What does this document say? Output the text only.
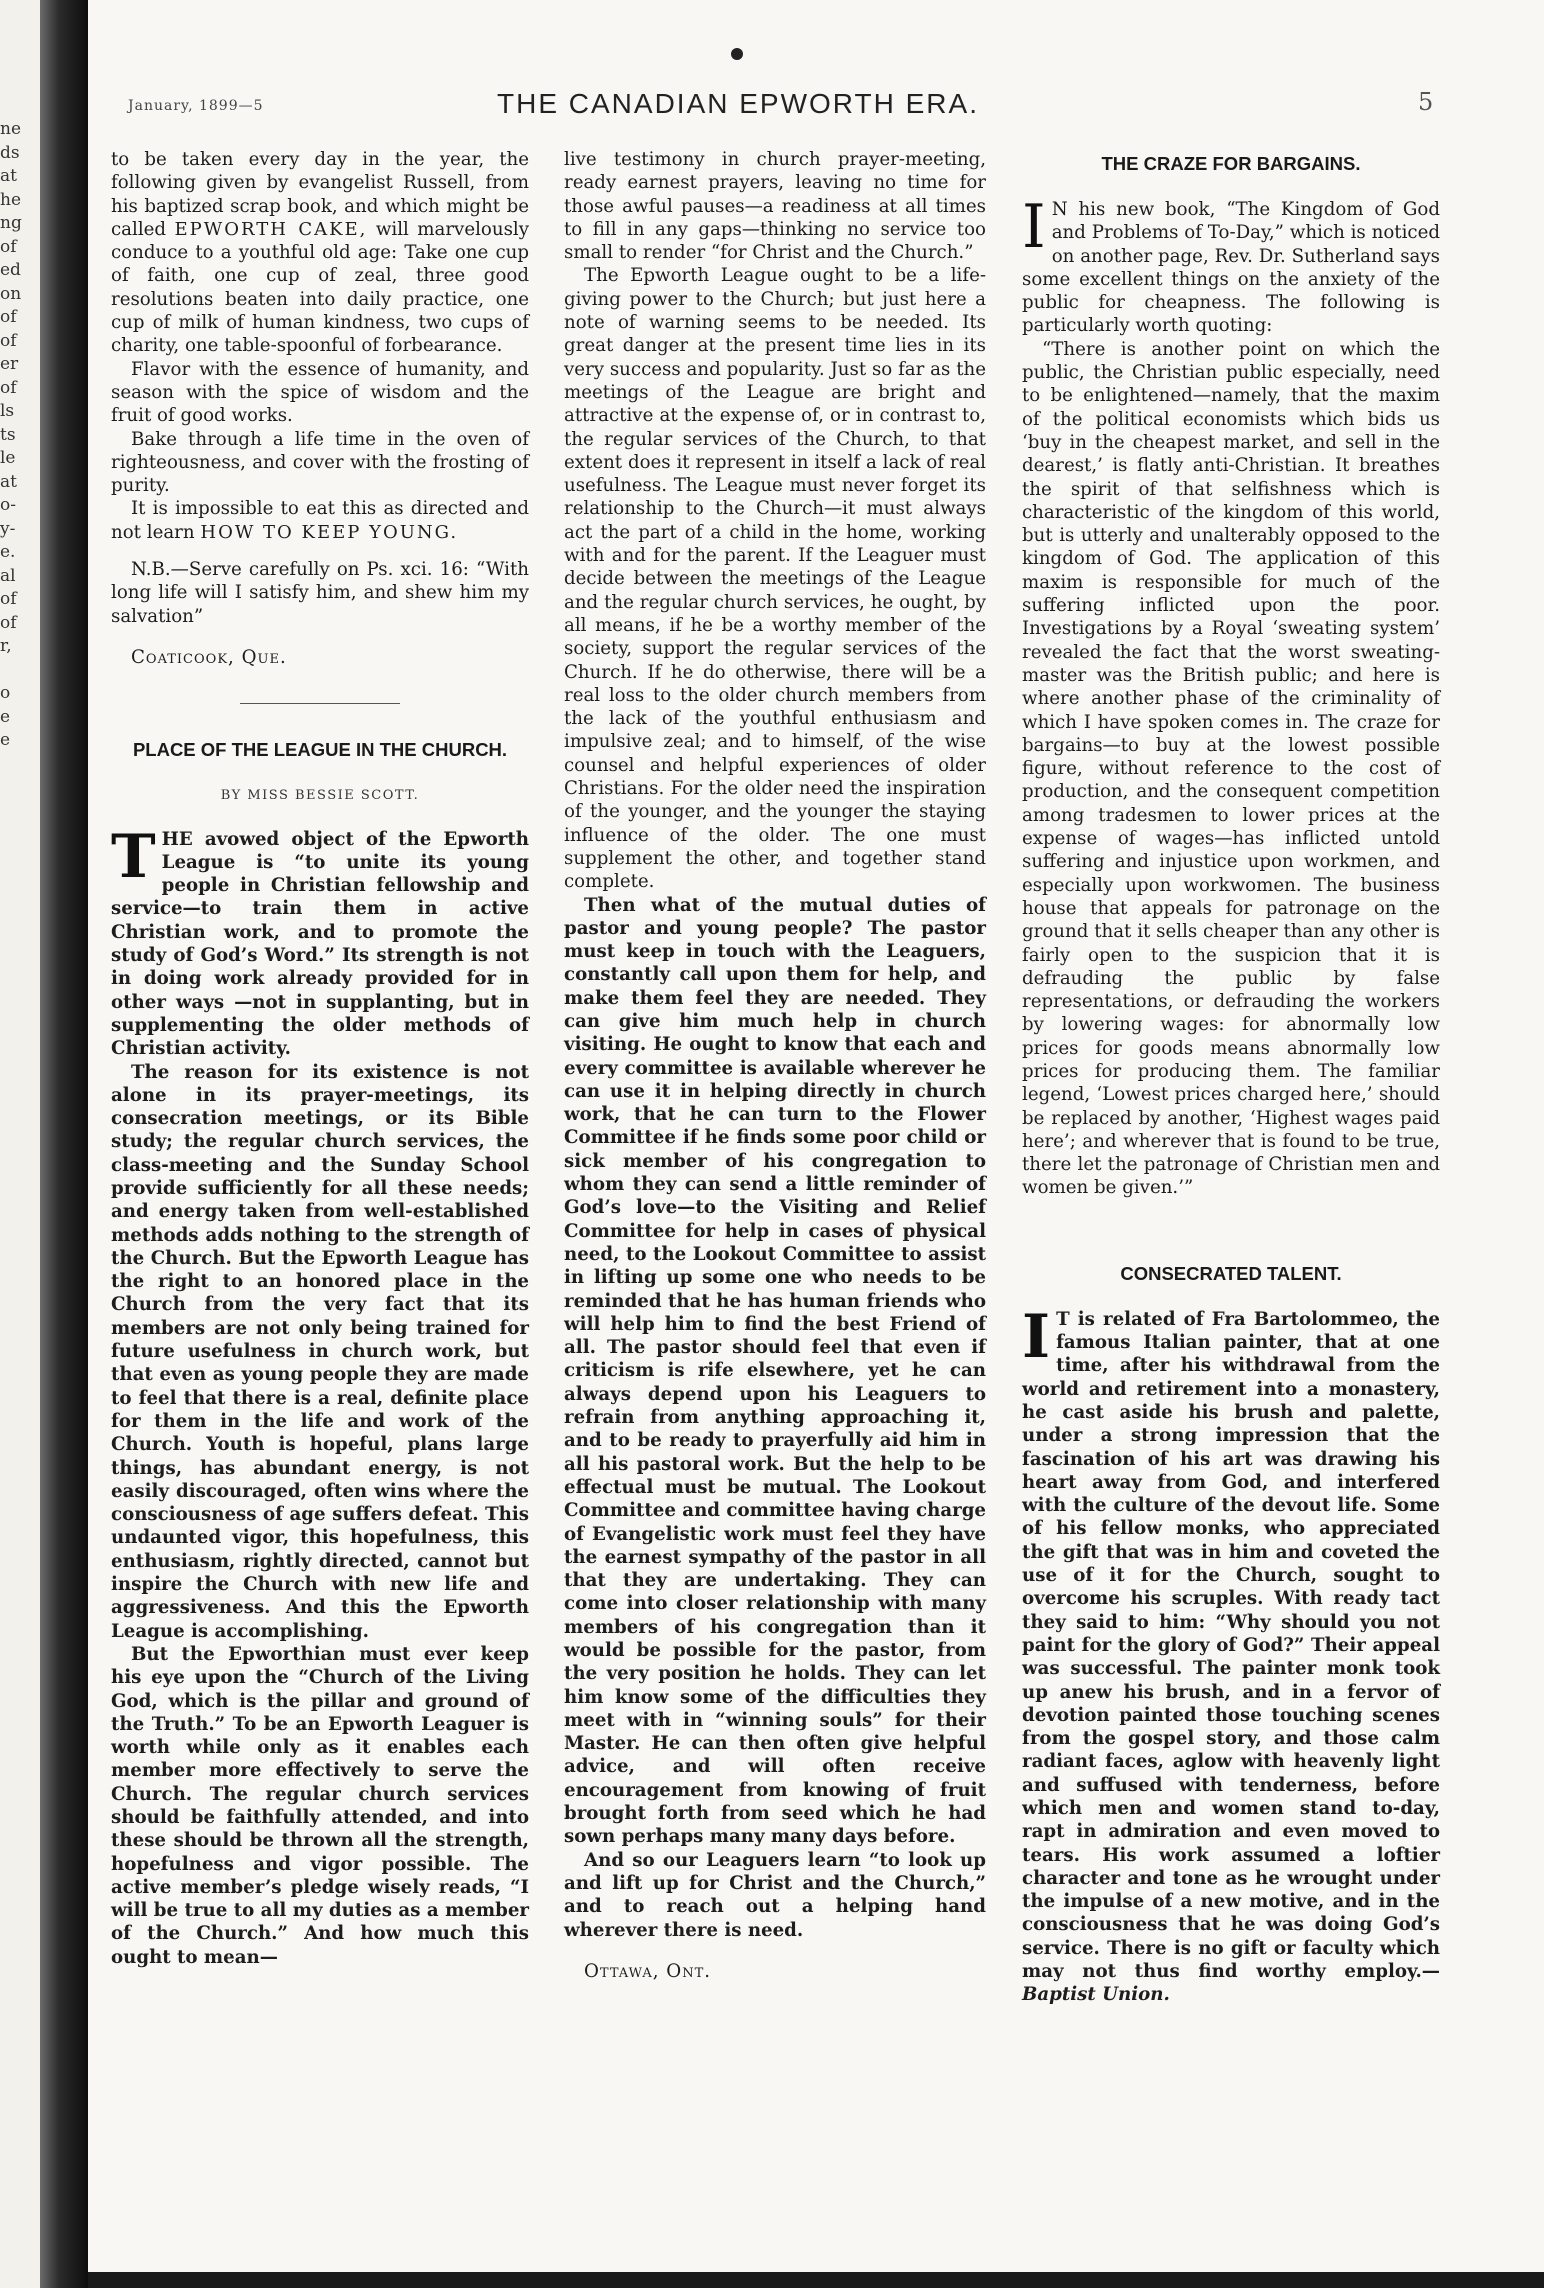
ne
ds
at
he
ng
of
ed
on
of
of
er
of
ls
ts
le
at
o-
y-
e.
al
of
of
r,
o
e
e
January, 1899—5	THE CANADIAN EPWORTH ERA.	5

to be taken every day in the year, the following given by evangelist Russell, from his baptized scrap book, and which might be called EPWORTH CAKE, will marvelously conduce to a youthful old age: Take one cup of faith, one cup of zeal, three good resolutions beaten into daily practice, one cup of milk of human kindness, two cups of charity, one table-spoonful of forbearance.

Flavor with the essence of humanity, and season with the spice of wisdom and the fruit of good works.

Bake through a life time in the oven of righteousness, and cover with the frosting of purity.

It is impossible to eat this as directed and not learn HOW TO KEEP YOUNG.

N.B.—Serve carefully on Ps. xci. 16: “With long life will I satisfy him, and shew him my salvation”

Coaticook, Que.

PLACE OF THE LEAGUE IN THE CHURCH.
BY MISS BESSIE SCOTT.

THE avowed object of the Epworth League is “to unite its young people in Christian fellowship and service—to train them in active Christian work, and to promote the study of God’s Word.” Its strength is not in doing work already provided for in other ways —not in supplanting, but in supplementing the older methods of Christian activity.

The reason for its existence is not alone in its prayer-meetings, its consecration meetings, or its Bible study; the regular church services, the class-meeting and the Sunday School provide sufficiently for all these needs; and energy taken from well-established methods adds nothing to the strength of the Church. But the Epworth League has the right to an honored place in the Church from the very fact that its members are not only being trained for future usefulness in church work, but that even as young people they are made to feel that there is a real, definite place for them in the life and work of the Church. Youth is hopeful, plans large things, has abundant energy, is not easily discouraged, often wins where the consciousness of age suffers defeat. This undaunted vigor, this hopefulness, this enthusiasm, rightly directed, cannot but inspire the Church with new life and aggressiveness. And this the Epworth League is accomplishing.

But the Epworthian must ever keep his eye upon the “Church of the Living God, which is the pillar and ground of the Truth.” To be an Epworth Leaguer is worth while only as it enables each member more effectively to serve the Church. The regular church services should be faithfully attended, and into these should be thrown all the strength, hopefulness and vigor possible. The active member’s pledge wisely reads, “I will be true to all my duties as a member of the Church.” And how much this ought to mean—

live testimony in church prayer-meeting, ready earnest prayers, leaving no time for those awful pauses—a readiness at all times to fill in any gaps—thinking no service too small to render “for Christ and the Church.”

The Epworth League ought to be a life-giving power to the Church; but just here a note of warning seems to be needed. Its great danger at the present time lies in its very success and popularity. Just so far as the meetings of the League are bright and attractive at the expense of, or in contrast to, the regular services of the Church, to that extent does it represent in itself a lack of real usefulness. The League must never forget its relationship to the Church—it must always act the part of a child in the home, working with and for the parent. If the Leaguer must decide between the meetings of the League and the regular church services, he ought, by all means, if he be a worthy member of the society, support the regular services of the Church. If he do otherwise, there will be a real loss to the older church members from the lack of the youthful enthusiasm and impulsive zeal; and to himself, of the wise counsel and helpful experiences of older Christians. For the older need the inspiration of the younger, and the younger the staying influence of the older. The one must supplement the other, and together stand complete.

Then what of the mutual duties of pastor and young people? The pastor must keep in touch with the Leaguers, constantly call upon them for help, and make them feel they are needed. They can give him much help in church visiting. He ought to know that each and every committee is available wherever he can use it in helping directly in church work, that he can turn to the Flower Committee if he finds some poor child or sick member of his congregation to whom they can send a little reminder of God’s love—to the Visiting and Relief Committee for help in cases of physical need, to the Lookout Committee to assist in lifting up some one who needs to be reminded that he has human friends who will help him to find the best Friend of all. The pastor should feel that even if criticism is rife elsewhere, yet he can always depend upon his Leaguers to refrain from anything approaching it, and to be ready to prayerfully aid him in all his pastoral work. But the help to be effectual must be mutual. The Lookout Committee and committee having charge of Evangelistic work must feel they have the earnest sympathy of the pastor in all that they are undertaking. They can come into closer relationship with many members of his congregation than it would be possible for the pastor, from the very position he holds. They can let him know some of the difficulties they meet with in “winning souls” for their Master. He can then often give helpful advice, and will often receive encouragement from knowing of fruit brought forth from seed which he had sown perhaps many many days before.

And so our Leaguers learn “to look up and lift up for Christ and the Church,” and to reach out a helping hand wherever there is need.

Ottawa, Ont.

THE CRAZE FOR BARGAINS.

I N his new book, “The Kingdom of God and Problems of To-Day,” which is noticed on another page, Rev. Dr. Sutherland says some excellent things on the anxiety of the public for cheapness. The following is particularly worth quoting:

“There is another point on which the public, the Christian public especially, need to be enlightened—namely, that the maxim of the political economists which bids us ‘buy in the cheapest market, and sell in the dearest,’ is flatly anti-Christian. It breathes the spirit of that selfishness which is characteristic of the kingdom of this world, but is utterly and unalterably opposed to the kingdom of God. The application of this maxim is responsible for much of the suffering inflicted upon the poor. Investigations by a Royal ‘sweating system’ revealed the fact that the worst sweating-master was the British public; and here is where another phase of the criminality of which I have spoken comes in. The craze for bargains—to buy at the lowest possible figure, without reference to the cost of production, and the consequent competition among tradesmen to lower prices at the expense of wages—has inflicted untold suffering and injustice upon workmen, and especially upon workwomen. The business house that appeals for patronage on the ground that it sells cheaper than any other is fairly open to the suspicion that it is defrauding the public by false representations, or defrauding the workers by lowering wages: for abnormally low prices for goods means abnormally low prices for producing them. The familiar legend, ‘Lowest prices charged here,’ should be replaced by another, ‘Highest wages paid here’; and wherever that is found to be true, there let the patronage of Christian men and women be given.’”

CONSECRATED TALENT.

I T is related of Fra Bartolommeo, the famous Italian painter, that at one time, after his withdrawal from the world and retirement into a monastery, he cast aside his brush and palette, under a strong impression that the fascination of his art was drawing his heart away from God, and interfered with the culture of the devout life. Some of his fellow monks, who appreciated the gift that was in him and coveted the use of it for the Church, sought to overcome his scruples. With ready tact they said to him: “Why should you not paint for the glory of God?” Their appeal was successful. The painter monk took up anew his brush, and in a fervor of devotion painted those touching scenes from the gospel story, and those calm radiant faces, aglow with heavenly light and suffused with tenderness, before which men and women stand to-day, rapt in admiration and even moved to tears. His work assumed a loftier character and tone as he wrought under the impulse of a new motive, and in the consciousness that he was doing God’s service. There is no gift or faculty which may not thus find worthy employ.—Baptist Union.
